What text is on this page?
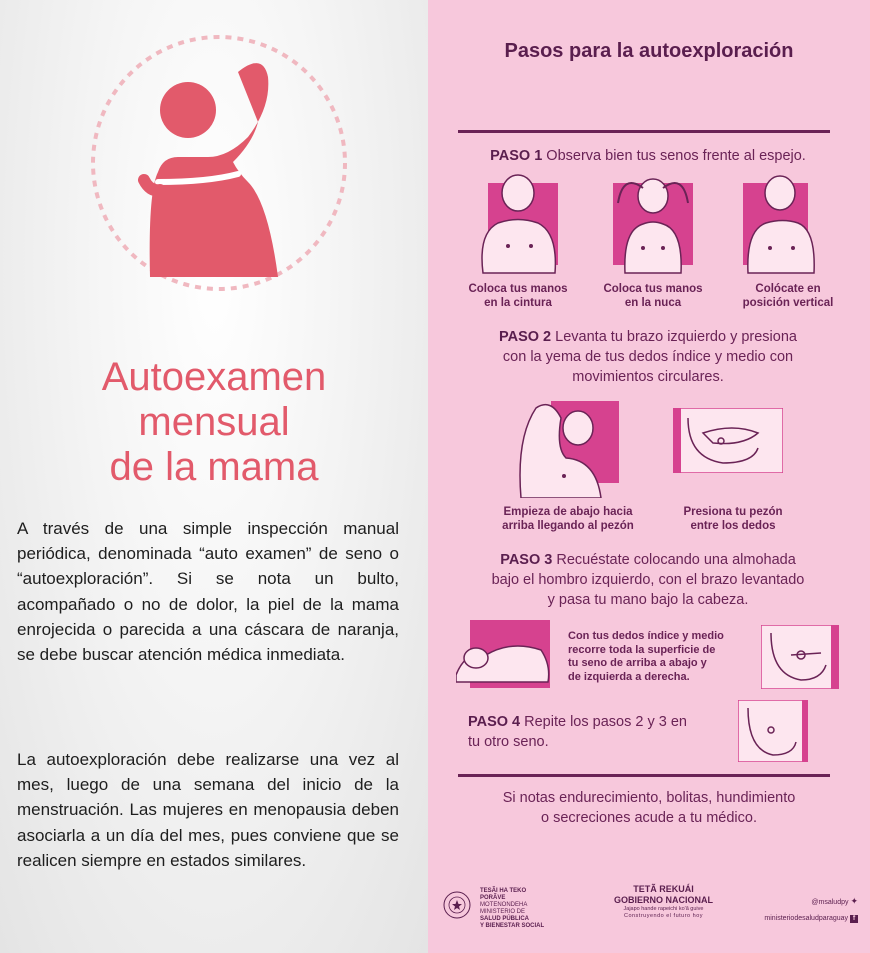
Autoexamen
mensual
de la mama

A través de una simple inspección manual periódica, denominada “auto examen” de seno o “autoexploración”. Si se nota un bulto, acompañado o no de dolor, la piel de la mama enrojecida o parecida a una cáscara de naranja, se debe buscar atención médica inmediata.

La autoexploración debe realizarse una vez al mes, luego de una semana del inicio de la menstruación. Las mujeres en menopausia deben asociarla a un día del mes, pues conviene que se realicen siempre en estados similares.

Pasos para la autoexploración
PASO 1 Observa bien tus senos frente al espejo.
Coloca tus manos
en la cintura
Coloca tus manos
en la nuca
Colócate en
posición vertical
PASO 2 Levanta tu brazo izquierdo y presiona
con la yema de tus dedos índice y medio con
movimientos circulares.
Empieza de abajo hacia
arriba llegando al pezón
Presiona tu pezón
entre los dedos
PASO 3 Recuéstate colocando una almohada
bajo el hombro izquierdo, con el brazo levantado
y pasa tu mano bajo la cabeza.
Con tus dedos índice y medio
recorre toda la superficie de
tu seno de arriba a abajo y
de izquierda a derecha.
PASO 4 Repite los pasos 2 y 3 en
tu otro seno.
Si notas endurecimiento, bolitas, hundimiento
o secreciones acude a tu médico.
TESÃI HA TEKO
PORÃVE
MOTENONDEHA
MINISTERIO DE
SALUD PÚBLICA
Y BIENESTAR SOCIAL
TETÃ REKUÁI
GOBIERNO NACIONAL
Jajapo hande rapeichi ko'ã guive
Construyendo el futuro hoy
@msaludpy ✦
ministeriodesaludparaguay f
